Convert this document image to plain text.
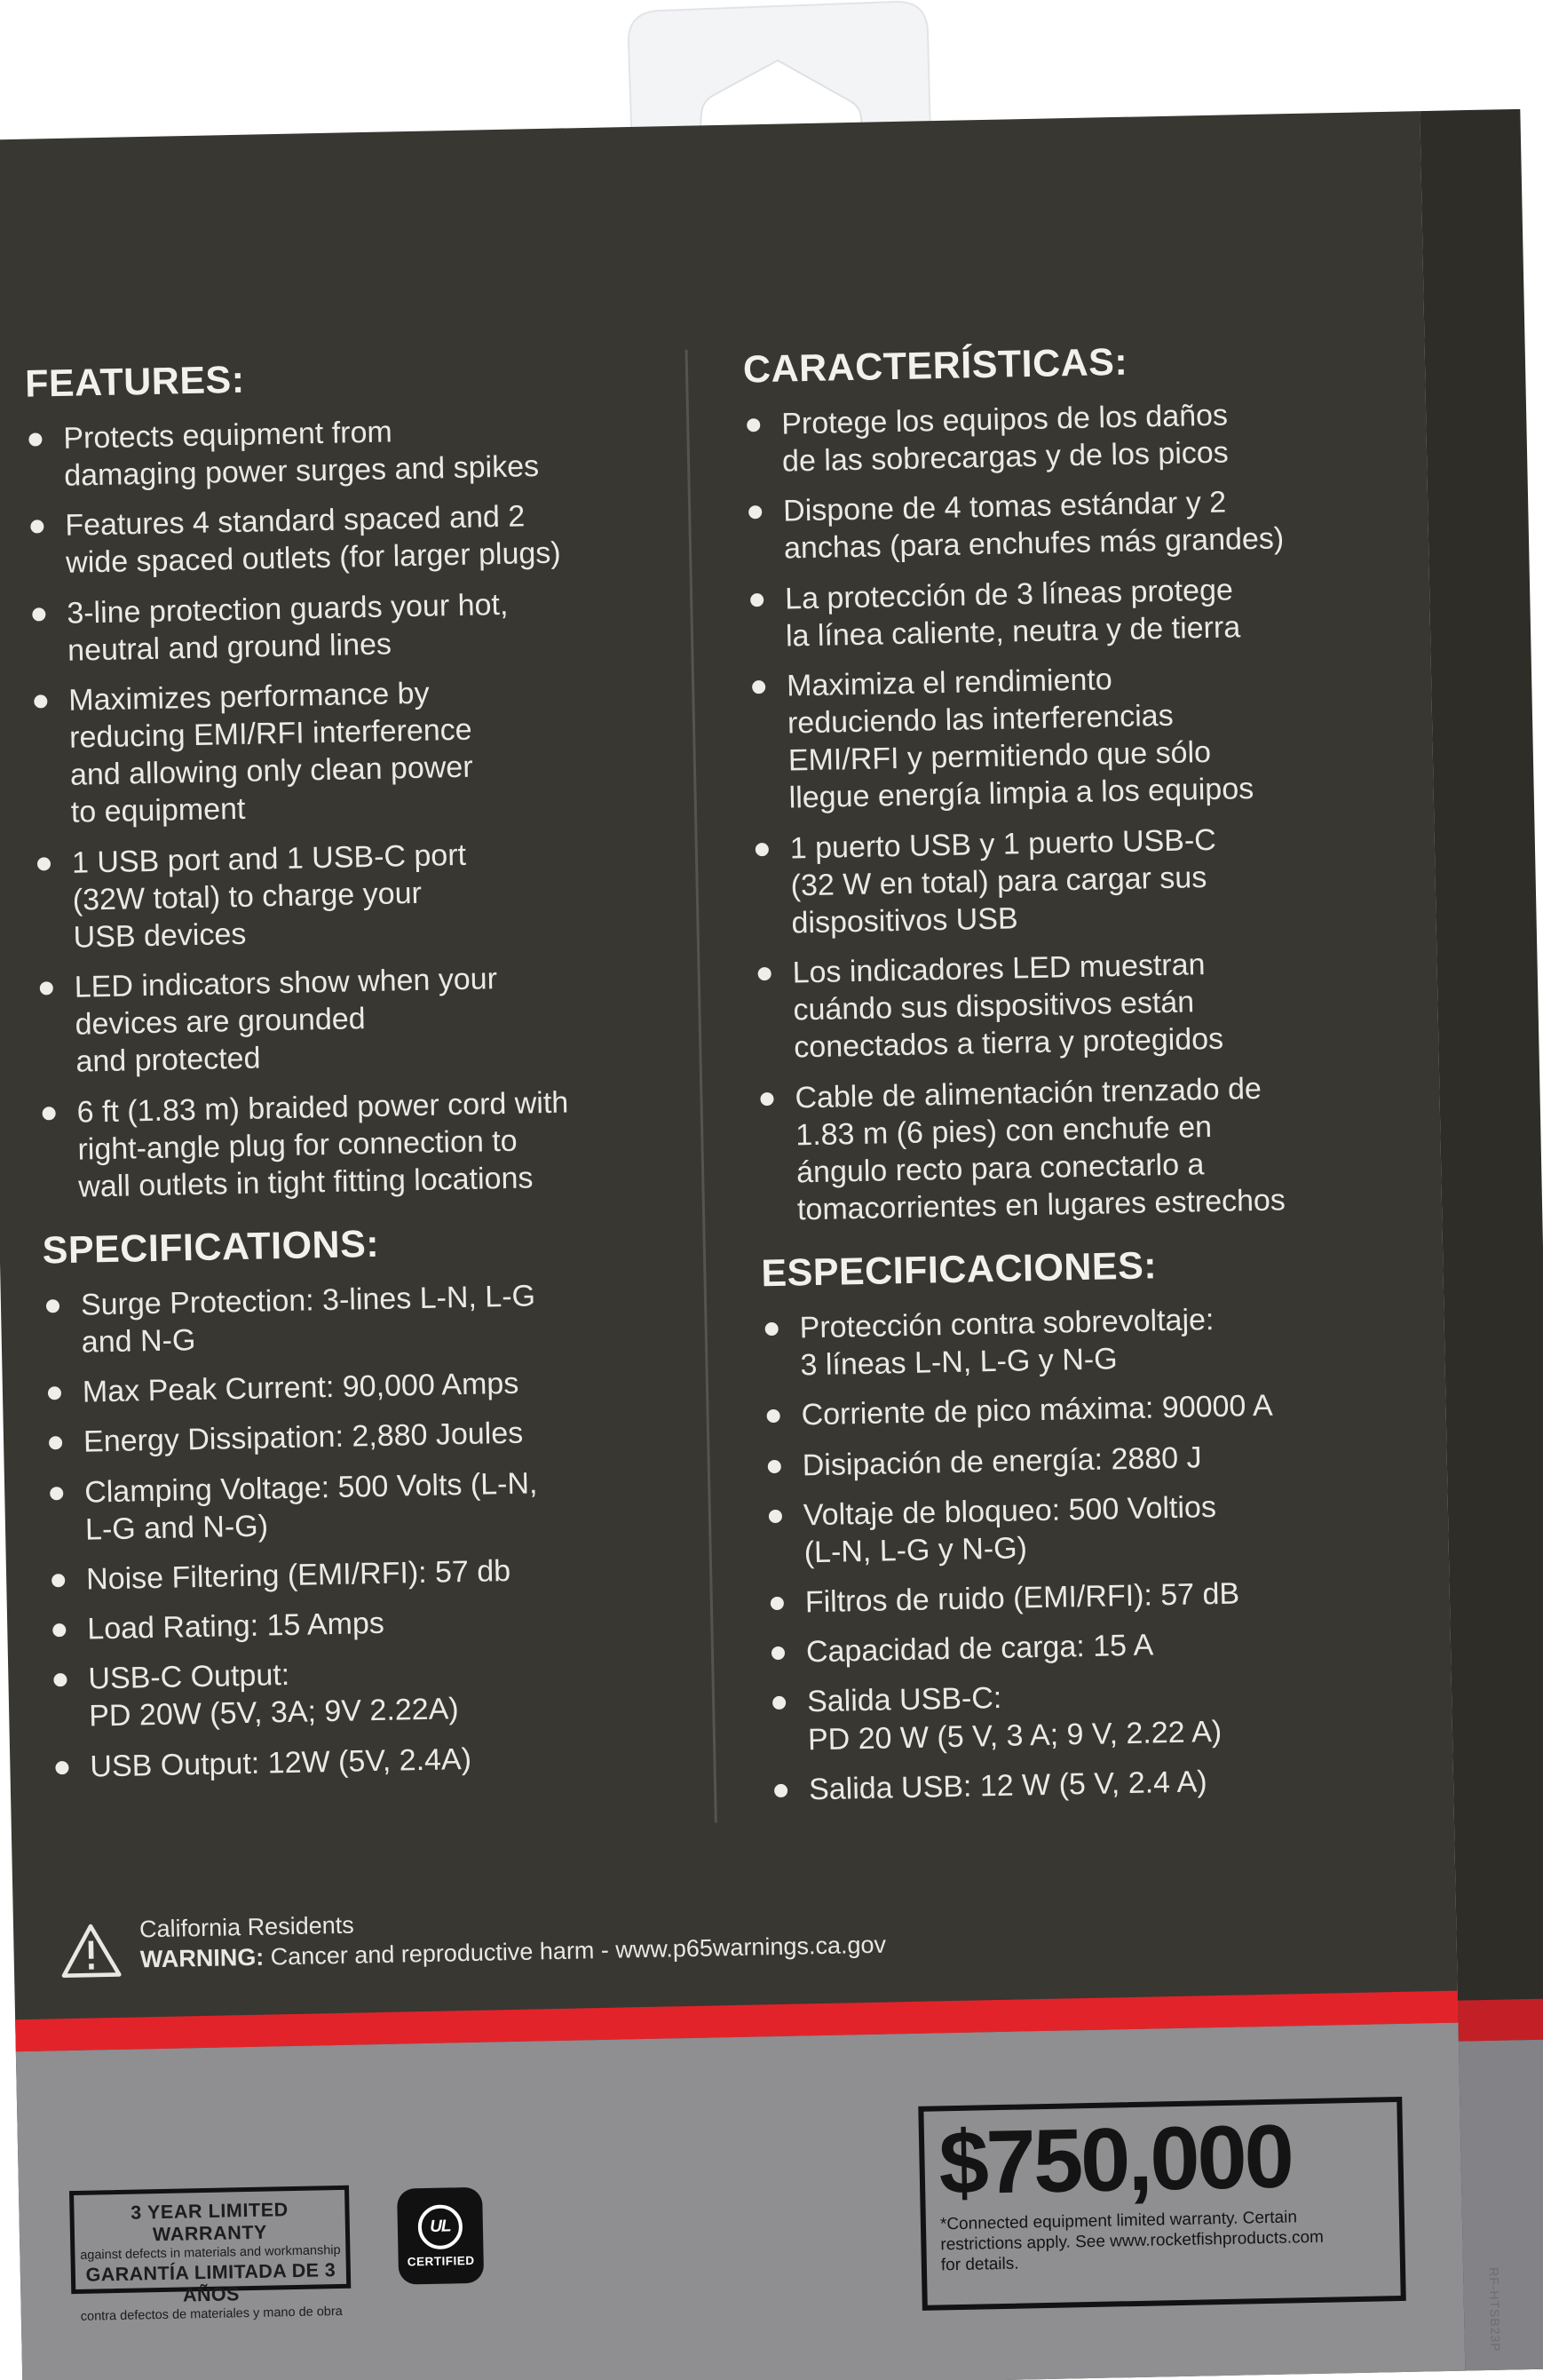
FEATURES:
Protects equipment from
damaging power surges and spikes
Features 4 standard spaced and 2
wide spaced outlets (for larger plugs)
3-line protection guards your hot,
neutral and ground lines
Maximizes performance by
reducing EMI/RFI interference
and allowing only clean power
to equipment
1 USB port and 1 USB-C port
(32W total) to charge your
USB devices
LED indicators show when your
devices are grounded
and protected
6 ft (1.83 m) braided power cord with
right-angle plug for connection to
wall outlets in tight fitting locations
SPECIFICATIONS:
Surge Protection: 3-lines L-N, L-G
and N-G
Max Peak Current: 90,000 Amps
Energy Dissipation: 2,880 Joules
Clamping Voltage: 500 Volts (L-N,
L-G and N-G)
Noise Filtering (EMI/RFI): 57 db
Load Rating: 15 Amps
USB-C Output:
PD 20W (5V, 3A; 9V 2.22A)
USB Output: 12W (5V, 2.4A)
CARACTERÍSTICAS:
Protege los equipos de los daños
de las sobrecargas y de los picos
Dispone de 4 tomas estándar y 2
anchas (para enchufes más grandes)
La protección de 3 líneas protege
la línea caliente, neutra y de tierra
Maximiza el rendimiento
reduciendo las interferencias
EMI/RFI y permitiendo que sólo
llegue energía limpia a los equipos
1 puerto USB y 1 puerto USB-C
(32 W en total) para cargar sus
dispositivos USB
Los indicadores LED muestran
cuándo sus dispositivos están
conectados a tierra y protegidos
Cable de alimentación trenzado de
1.83 m (6 pies) con enchufe en
ángulo recto para conectarlo a
tomacorrientes en lugares estrechos
ESPECIFICACIONES:
Protección contra sobrevoltaje:
3 líneas L-N, L-G y N-G
Corriente de pico máxima: 90000 A
Disipación de energía: 2880 J
Voltaje de bloqueo: 500 Voltios
(L-N, L-G y N-G)
Filtros de ruido (EMI/RFI): 57 dB
Capacidad de carga: 15 A
Salida USB-C:
PD 20 W (5 V, 3 A; 9 V, 2.22 A)
Salida USB: 12 W (5 V, 2.4 A)
California Residents
WARNING: Cancer and reproductive harm - www.p65warnings.ca.gov
3 YEAR LIMITED WARRANTY
against defects in materials and workmanship
GARANTÍA LIMITADA DE 3 AÑOS
contra defectos de materiales y mano de obra
UL
CERTIFIED
$750,000
*Connected equipment limited warranty. Certain
restrictions apply. See www.rocketfishproducts.com
for details.
RF-HTSB23P
